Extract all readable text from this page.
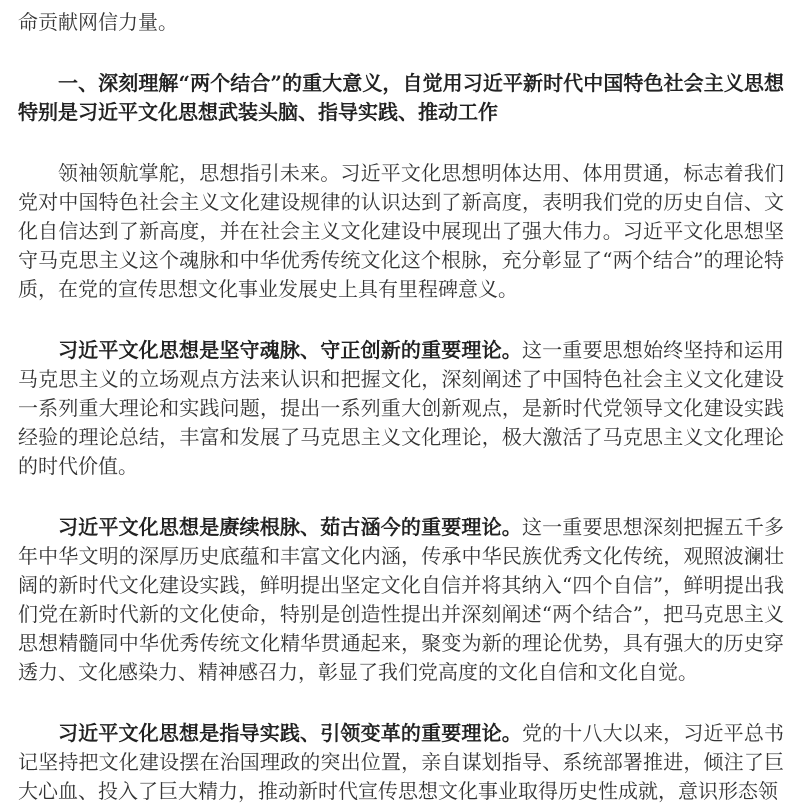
命贡献网信力量。

一、深刻理解“两个结合”的重大意义，自觉用习近平新时代中国特色社会主义思想特别是习近平文化思想武装头脑、指导实践、推动工作

领袖领航掌舵，思想指引未来。习近平文化思想明体达用、体用贯通，标志着我们党对中国特色社会主义文化建设规律的认识达到了新高度，表明我们党的历史自信、文化自信达到了新高度，并在社会主义文化建设中展现出了强大伟力。习近平文化思想坚守马克思主义这个魂脉和中华优秀传统文化这个根脉，充分彰显了“两个结合”的理论特质，在党的宣传思想文化事业发展史上具有里程碑意义。

习近平文化思想是坚守魂脉、守正创新的重要理论。这一重要思想始终坚持和运用马克思主义的立场观点方法来认识和把握文化，深刻阐述了中国特色社会主义文化建设一系列重大理论和实践问题，提出一系列重大创新观点，是新时代党领导文化建设实践经验的理论总结，丰富和发展了马克思主义文化理论，极大激活了马克思主义文化理论的时代价值。

习近平文化思想是赓续根脉、茹古涵今的重要理论。这一重要思想深刻把握五千多年中华文明的深厚历史底蕴和丰富文化内涵，传承中华民族优秀文化传统，观照波澜壮阔的新时代文化建设实践，鲜明提出坚定文化自信并将其纳入“四个自信”，鲜明提出我们党在新时代新的文化使命，特别是创造性提出并深刻阐述“两个结合”，把马克思主义思想精髓同中华优秀传统文化精华贯通起来，聚变为新的理论优势，具有强大的历史穿透力、文化感染力、精神感召力，彰显了我们党高度的文化自信和文化自觉。

习近平文化思想是指导实践、引领变革的重要理论。党的十八大以来，习近平总书记坚持把文化建设摆在治国理政的突出位置，亲自谋划指导、系统部署推进，倾注了巨大心血、投入了巨大精力，推动新时代宣传思想文化事业取得历史性成就，意识形态领
